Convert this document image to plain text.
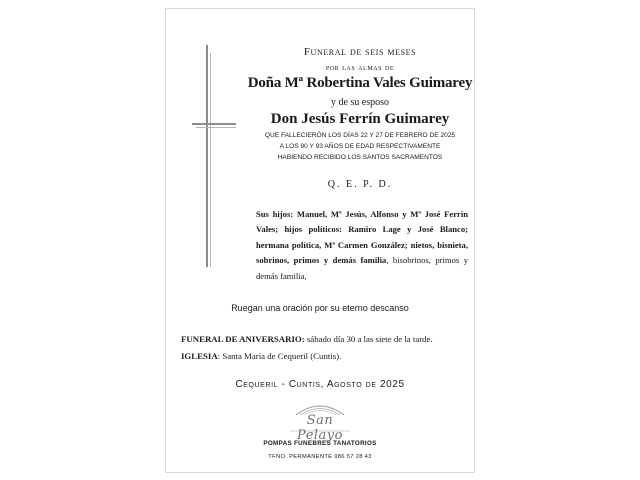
Funeral de seis meses
por las almas de
Doña Mª Robertina Vales Guimarey
y de su esposo
Don Jesús Ferrín Guimarey
QUE FALLECIERÓN LOS DÍAS 22 Y 27 DE FEBRERO DE 2025
A LOS 90 Y 93 AÑOS DE EDAD RESPECTIVAMENTE
HABIENDO RECIBIDO LOS SANTOS SACRAMENTOS
Q. E. P. D.
Sus hijos: Manuel, Mª Jesús, Alfonso y Mª José Ferrin Vales; hijos políticos: Ramiro Lage y José Blanco; hermana política, Mª Carmen González; nietos, bisnieta, sobrinos, primos y demás familia, bisobrinos, primos y demás familia,
Ruegan una oración por su eterno descanso
FUNERAL DE ANIVERSARIO: sábado día 30 a las siete de la tarde.
IGLESIA: Santa María de Cequeril (Cuntis).
Cequeril - Cuntis, Agosto de 2025
San Pelayo
POMPAS FUNEBRES TANATORIOS
TFNO. PERMANENTE 986 57 28 43
